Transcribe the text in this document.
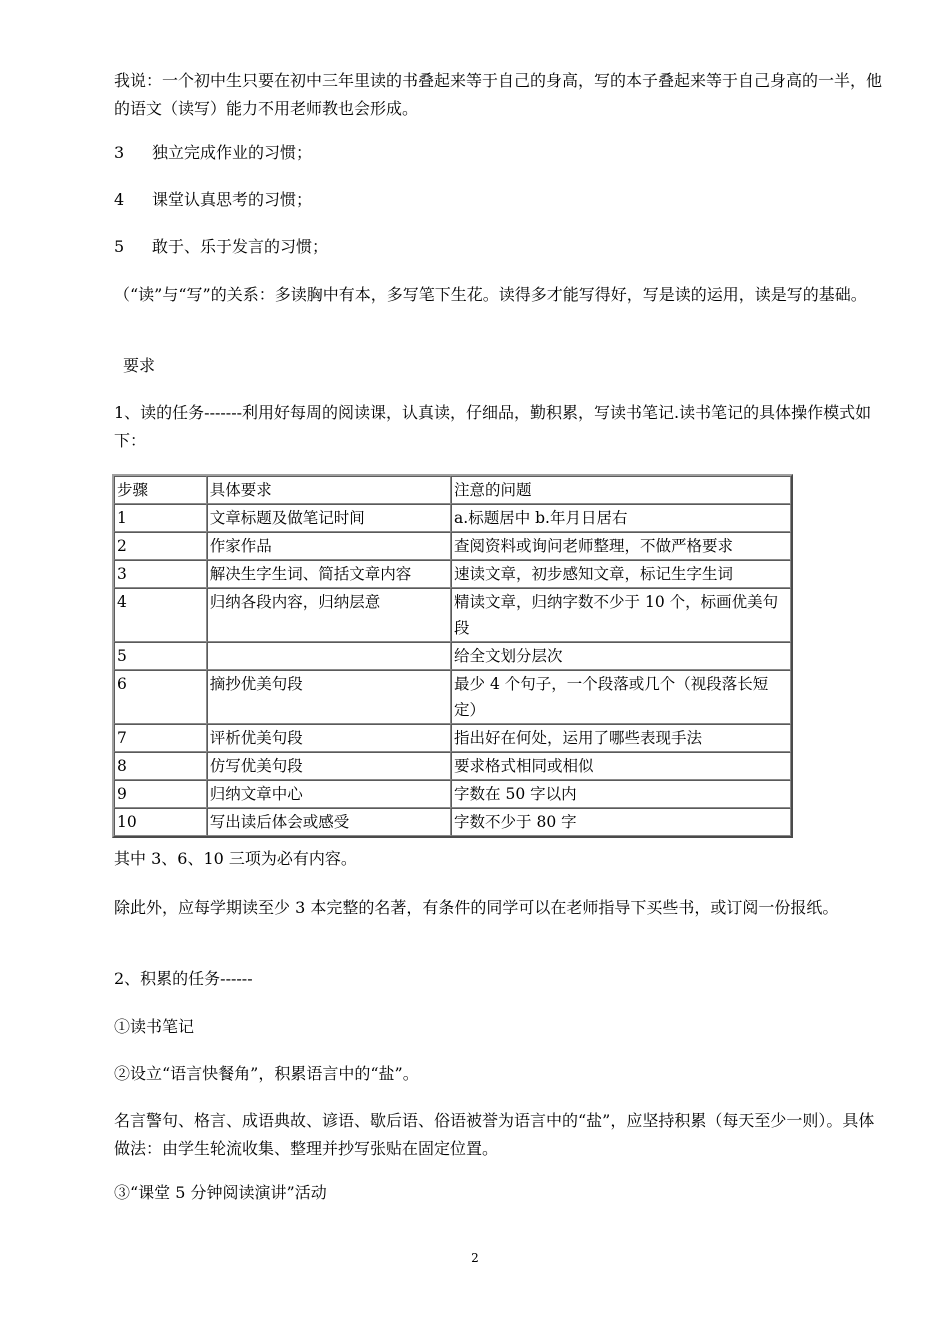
我说：一个初中生只要在初中三年里读的书叠起来等于自己的身高，写的本子叠起来等于自己身高的一半，他的语文（读写）能力不用老师教也会形成。

3 独立完成作业的习惯；

4 课堂认真思考的习惯；

5 敢于、乐于发言的习惯；

（“读”与“写”的关系：多读胸中有本，多写笔下生花。读得多才能写得好，写是读的运用，读是写的基础。

要求

1、读的任务-------利用好每周的阅读课，认真读，仔细品，勤积累，写读书笔记.读书笔记的具体操作模式如下：

步骤	具体要求	注意的问题
1	文章标题及做笔记时间	a.标题居中 b.年月日居右
2	作家作品	查阅资料或询问老师整理，不做严格要求
3	解决生字生词、简括文章内容	速读文章，初步感知文章，标记生字生词
4	归纳各段内容，归纳层意	精读文章，归纳字数不少于 10 个，标画优美句段
5		给全文划分层次
6	摘抄优美句段	最少 4 个句子，一个段落或几个（视段落长短定）
7	评析优美句段	指出好在何处，运用了哪些表现手法
8	仿写优美句段	要求格式相同或相似
9	归纳文章中心	字数在 50 字以内
10	写出读后体会或感受	字数不少于 80 字

其中 3、6、10 三项为必有内容。

除此外，应每学期读至少 3 本完整的名著，有条件的同学可以在老师指导下买些书，或订阅一份报纸。

2、积累的任务------

①读书笔记

②设立“语言快餐角”，积累语言中的“盐”。

名言警句、格言、成语典故、谚语、歇后语、俗语被誉为语言中的“盐”，应坚持积累（每天至少一则）。具体做法：由学生轮流收集、整理并抄写张贴在固定位置。

③“课堂 5 分钟阅读演讲”活动

2
